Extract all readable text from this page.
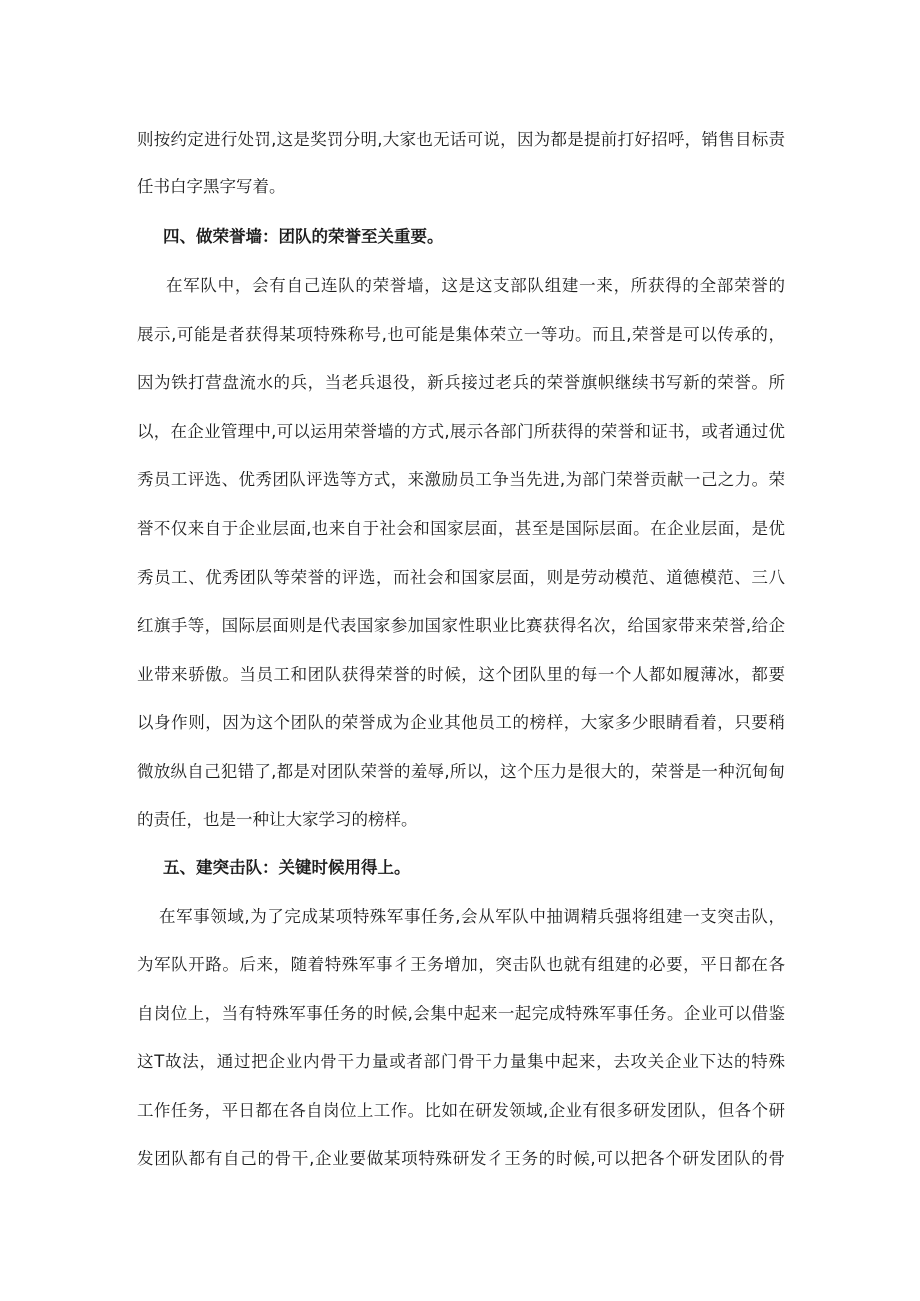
则按约定进行处罚,这是奖罚分明,大家也无话可说，因为都是提前打好招呼，销售目标责
任书白字黑字写着。
四、做荣誉墙：团队的荣誉至关重要。
在军队中，会有自己连队的荣誉墙，这是这支部队组建一来，所获得的全部荣誉的
展示,可能是者获得某项特殊称号,也可能是集体荣立一等功。而且,荣誉是可以传承的，
因为铁打营盘流水的兵，当老兵退役，新兵接过老兵的荣誉旗帜继续书写新的荣誉。所
以，在企业管理中,可以运用荣誉墙的方式,展示各部门所获得的荣誉和证书，或者通过优
秀员工评选、优秀团队评选等方式，来激励员工争当先进,为部门荣誉贡献一己之力。荣
誉不仅来自于企业层面,也来自于社会和国家层面，甚至是国际层面。在企业层面，是优
秀员工、优秀团队等荣誉的评选，而社会和国家层面，则是劳动模范、道德模范、三八
红旗手等，国际层面则是代表国家参加国家性职业比赛获得名次，给国家带来荣誉,给企
业带来骄傲。当员工和团队获得荣誉的时候，这个团队里的每一个人都如履薄冰，都要
以身作则，因为这个团队的荣誉成为企业其他员工的榜样，大家多少眼睛看着，只要稍
微放纵自己犯错了,都是对团队荣誉的羞辱,所以，这个压力是很大的，荣誉是一种沉甸甸
的责任，也是一种让大家学习的榜样。
五、建突击队：关键时候用得上。
在军事领域,为了完成某项特殊军事任务,会从军队中抽调精兵强将组建一支突击队，
为军队开路。后来，随着特殊军事彳王务增加，突击队也就有组建的必要，平日都在各
自岗位上，当有特殊军事任务的时候,会集中起来一起完成特殊军事任务。企业可以借鉴
这T故法，通过把企业内骨干力量或者部门骨干力量集中起来，去攻关企业下达的特殊
工作任务，平日都在各自岗位上工作。比如在研发领域,企业有很多研发团队，但各个研
发团队都有自己的骨干,企业要做某项特殊研发彳王务的时候,可以把各个研发团队的骨
